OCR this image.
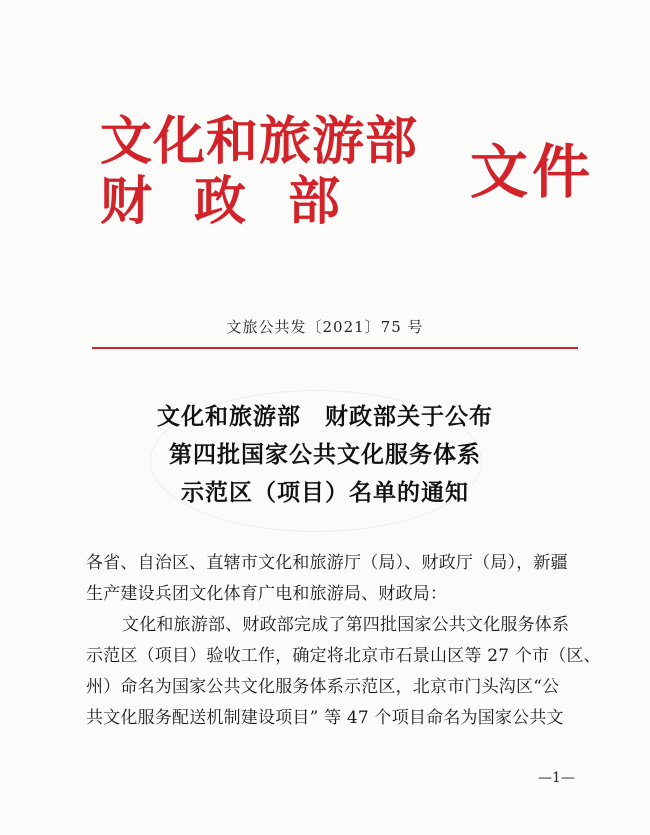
文化和旅游部
财政部	文件
文旅公共发〔2021〕75 号
文化和旅游部　财政部关于公布
第四批国家公共文化服务体系
示范区（项目）名单的通知

各省、自治区、直辖市文化和旅游厅（局）、财政厅（局），新疆

生产建设兵团文化体育广电和旅游局、财政局：

文化和旅游部、财政部完成了第四批国家公共文化服务体系

示范区（项目）验收工作，确定将北京市石景山区等 27 个市（区、

州）命名为国家公共文化服务体系示范区，北京市门头沟区“公

共文化服务配送机制建设项目” 等 47 个项目命名为国家公共文

—1—
